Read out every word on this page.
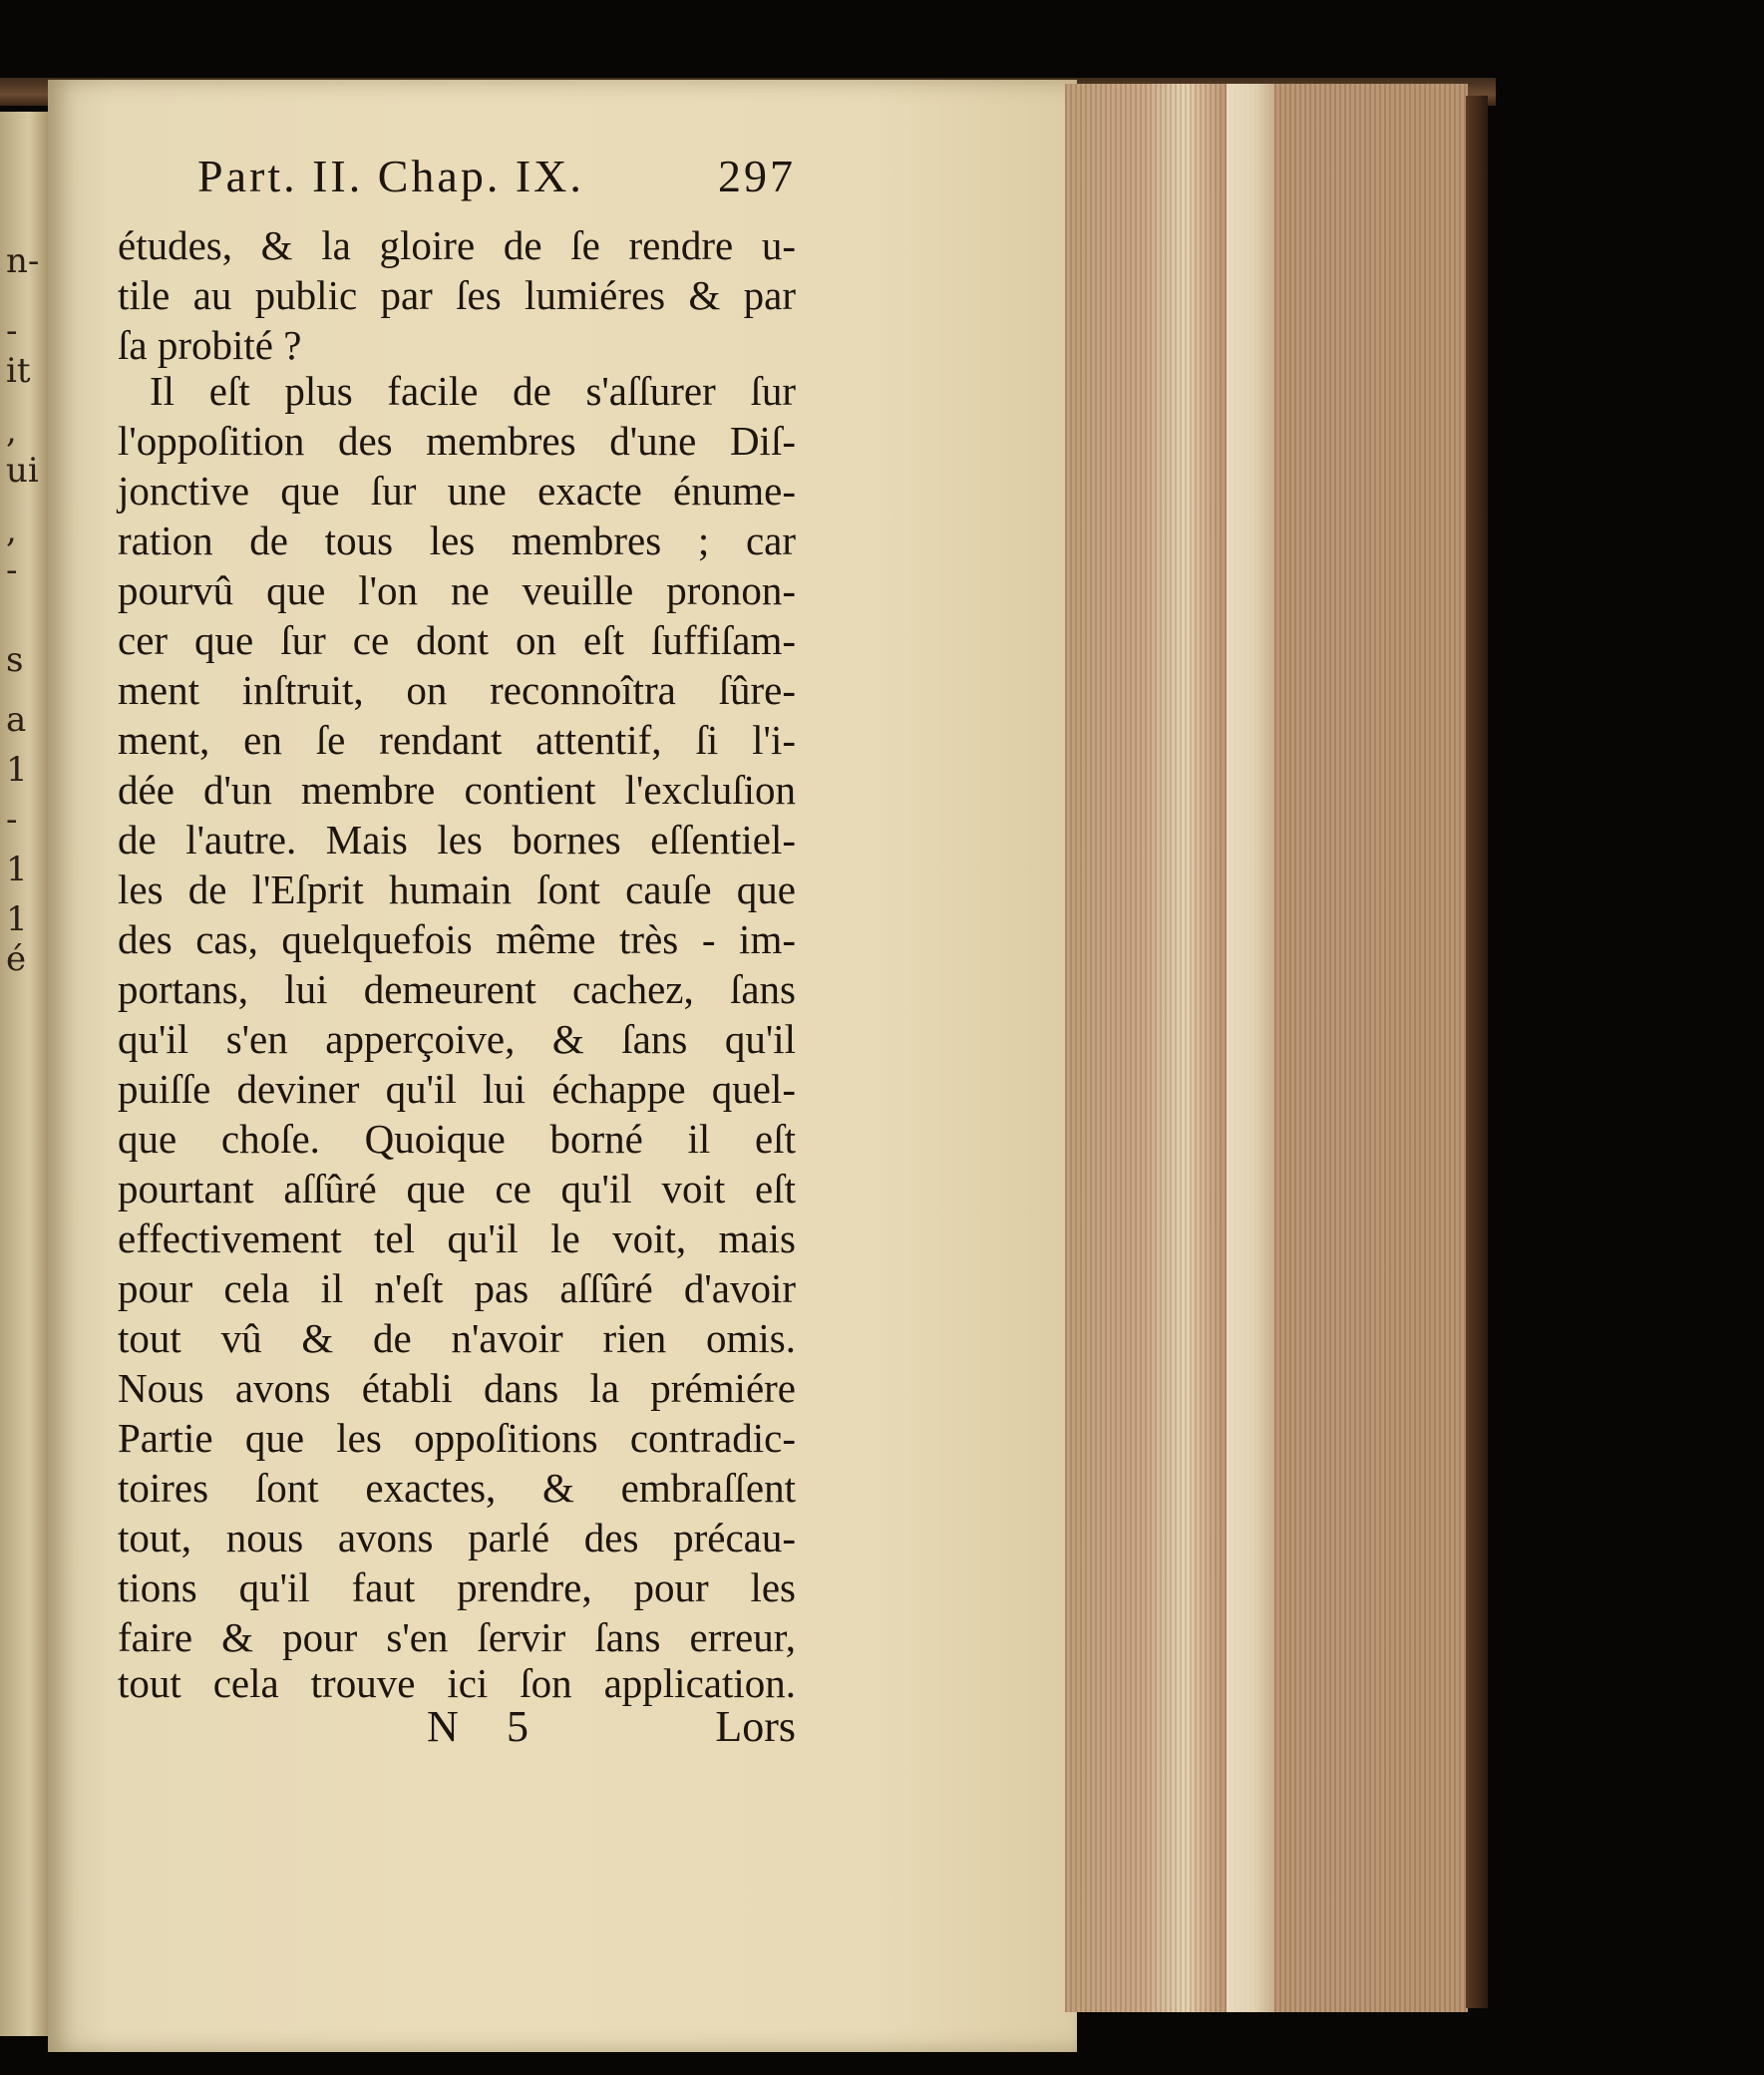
n-
-
it
,
ui
,
-
s
a
1
-
1
1
é
Part. II. Chap. IX.	297
études, & la gloire de ſe rendre u-
tile au public par ſes lumiéres & par
ſa probité ?
Il eſt plus facile de s'aſſurer ſur
l'oppoſition des membres d'une Diſ-
jonctive que ſur une exacte énume-
ration de tous les membres ; car
pourvû que l'on ne veuille pronon-
cer que ſur ce dont on eſt ſuffiſam-
ment inſtruit, on reconnoîtra ſûre-
ment, en ſe rendant attentif, ſi l'i-
dée d'un membre contient l'excluſion
de l'autre. Mais les bornes eſſentiel-
les de l'Eſprit humain ſont cauſe que
des cas, quelquefois même très - im-
portans, lui demeurent cachez, ſans
qu'il s'en apperçoive, & ſans qu'il
puiſſe deviner qu'il lui échappe quel-
que choſe. Quoique borné il eſt
pourtant aſſûré que ce qu'il voit eſt
effectivement tel qu'il le voit, mais
pour cela il n'eſt pas aſſûré d'avoir
tout vû & de n'avoir rien omis.
Nous avons établi dans la prémiére
Partie que les oppoſitions contradic-
toires ſont exactes, & embraſſent
tout, nous avons parlé des précau-
tions qu'il faut prendre, pour les
faire & pour s'en ſervir ſans erreur,
tout cela trouve ici ſon application.
N 5	Lors
